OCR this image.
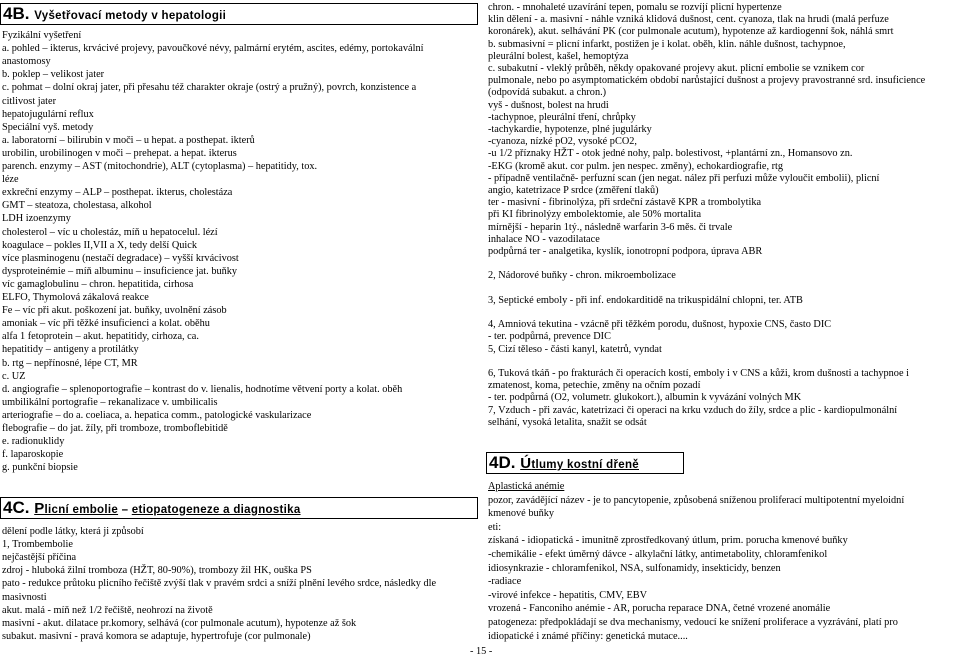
4B. Vyšetřovací metody v hepatologii
Fyzikální vyšetření
a. pohled – ikterus, krvácivé projevy, pavoučkové névy, palmární erytém, ascites, edémy, portokavální
anastomosy
b. poklep – velikost jater
c. pohmat – dolní okraj jater, při přesahu též charakter okraje (ostrý a pružný), povrch, konzistence a
citlivost jater
hepatojugulární reflux
Speciální vyš. metody
a. laboratorní – bilirubin v moči – u hepat. a posthepat. ikterů
urobilin, urobilinogen v moči – prehepat. a hepat. ikterus
parench. enzymy – AST (mitochondrie), ALT (cytoplasma) – hepatitidy, tox.
léze
exkreční enzymy – ALP – posthepat. ikterus, cholestáza
GMT – steatoza, cholestasa, alkohol
LDH izoenzymy
cholesterol – víc u cholestáz, míň u hepatocelul. lézí
koagulace – pokles II,VII a X, tedy delší Quick
více plasminogenu (nestačí degradace) – vyšší krvácivost
dysproteinémie – míň albuminu – insuficience jat. buňky
víc gamaglobulinu – chron. hepatitida, cirhosa
ELFO, Thymolová zákalová reakce
Fe – víc při akut. poškození jat. buňky, uvolnění zásob
amoniak – víc při těžké insuficienci a kolat. oběhu
alfa 1 fetoprotein – akut. hepatitidy, cirhoza, ca.
hepatitidy – antigeny a protilátky
b. rtg – nepřínosné, lépe CT, MR
c. UZ
d. angiografie – splenoportografie – kontrast do v. lienalis, hodnotíme větvení porty a kolat. oběh
umbilikální portografie – rekanalizace v. umbilicalis
arteriografie – do a. coeliaca, a. hepatica comm., patologické vaskularizace
flebografie – do jat. žíly, při tromboze, tromboflebitidě
e. radionuklidy
f. laparoskopie
g. punkční biopsie
4C. Plicní embolie – etiopatogeneze a diagnostika
dělení podle látky, která ji způsobí
1, Trombembolie
nejčastější příčina
zdroj - hluboká žilní tromboza (HŽT, 80-90%), trombozy žil HK, ouška PS
pato - redukce průtoku plicního řečiště zvýší tlak v pravém srdci a sníží plnění levého srdce, následky dle
masivnosti
akut. malá - míň než 1/2 řečiště, neohrozí na životě
masivní - akut. dilatace pr.komory, selhává (cor pulmonale acutum), hypotenze až šok
subakut. masivní - pravá komora se adaptuje, hypertrofuje (cor pulmonale)
chron. - mnohaleté uzavírání tepen, pomalu se rozvíjí plicní hypertenze
klin dělení - a. masivní - náhle vzniká klidová dušnost, cent. cyanoza, tlak na hrudi (malá perfuze
koronárek), akut. selhávání PK (cor pulmonale acutum), hypotenze až kardiogenní šok, náhlá smrt
b. submasivní = plicní infarkt, postižen je i kolat. oběh, klin. náhle dušnost, tachypnoe,
pleurální bolest, kašel, hemoptýza
c. subakutní - vleklý průběh, někdy opakované projevy akut. plicní embolie se vznikem cor
pulmonale, nebo po asymptomatickém období narůstající dušnost a projevy pravostranné srd. insuficience
(odpovídá subakut. a chron.)
vyš - dušnost, bolest na hrudi
-tachypnoe, pleurální tření, chrůpky
-tachykardie, hypotenze, plné jugulárky
-cyanoza, nízké pO2, vysoké pCO2,
-u 1/2 příznaky HŽT - otok jedné nohy, palp. bolestivost, +plantární zn., Homansovo zn.
-EKG (kromě akut. cor pulm. jen nespec. změny), echokardiografie, rtg
- případně ventilačně- perfuzní scan (jen negat. nález při perfuzi může vyloučit embolii), plicní
angio, katetrizace P srdce (změření tlaků)
ter - masivní - fibrinolýza, při srdeční zástavě KPR a trombolytika
při KI fibrinolýzy embolektomie, ale 50% mortalita
mírnější - heparin 1tý., následně warfarin 3-6 měs. či trvale
inhalace NO - vazodilatace
podpůrná ter - analgetika, kyslík, ionotropní podpora, úprava ABR
2, Nádorové buňky - chron. mikroembolizace
3, Septické emboly - při inf. endokarditidě na trikuspidální chlopni, ter. ATB
4, Amniová tekutina - vzácně při těžkém porodu, dušnost, hypoxie CNS, často DIC
- ter. podpůrná, prevence DIC
5, Cizí těleso - části kanyl, katetrů, vyndat
6, Tuková tkáň - po frakturách či operacích kostí, emboly i v CNS a kůži, krom dušnosti a tachypnoe i
zmatenost, koma, petechie, změny na očním pozadí
- ter. podpůrná (O2, volumetr. glukokort.), albumin k vyvázání volných MK
7, Vzduch - při zavác, katetrizaci či operaci na krku vzduch do žíly, srdce a plic - kardiopulmonální
selhání, vysoká letalita, snažit se odsát
4D. Útlumy kostní dřeně
Aplastická anémie
pozor, zavádějící název - je to pancytopenie, způsobená sníženou proliferací multipotentní myeloidní
kmenové buňky
eti:
získaná - idiopatická - imunitně zprostředkovaný útlum, prim. porucha kmenové buňky
-chemikálie - efekt úměrný dávce - alkylační látky, antimetabolity, chloramfenikol
idiosynkrazie - chloramfenikol, NSA, sulfonamidy, insekticidy, benzen
-radiace
-virové infekce - hepatitis, CMV, EBV
vrozená - Fanconiho anémie - AR, porucha reparace DNA, četné vrozené anomálie
patogeneza: předpokládají se dva mechanismy, vedoucí ke snížení proliferace a vyzrávání, platí pro
idiopatické i známé příčiny: genetická mutace....
- 15 -
